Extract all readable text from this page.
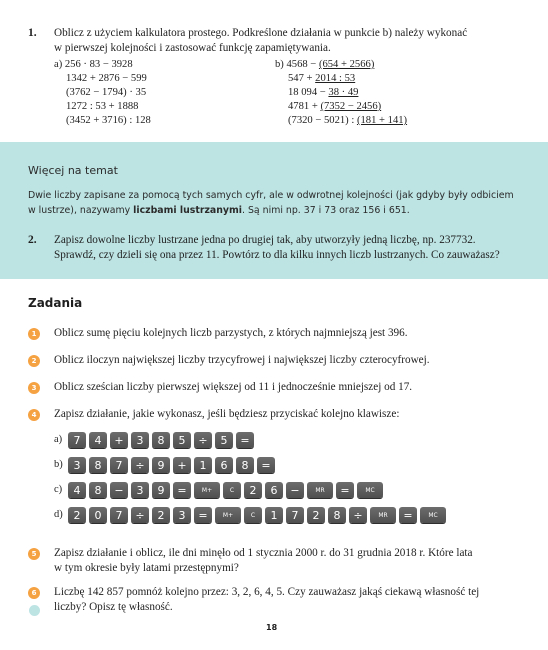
1. Oblicz z użyciem kalkulatora prostego. Podkreślone działania w punkcie b) należy wykonać
w pierwszej kolejności i zastosować funkcję zapamiętywania.
a) 256 · 83 − 3928
1342 + 2876 − 599
(3762 − 1794) · 35
1272 : 53 + 1888
(3452 + 3716) : 128
b) 4568 − (654 + 2566)
547 + 2014 : 53
18 094 − 38 · 49
4781 + (7352 − 2456)
(7320 − 5021) : (181 + 141)
Więcej na temat
Dwie liczby zapisane za pomocą tych samych cyfr, ale w odwrotnej kolejności (jak gdyby były odbiciem
w lustrze), nazywamy liczbami lustrzanymi. Są nimi np. 37 i 73 oraz 156 i 651.
2. Zapisz dowolne liczby lustrzane jedna po drugiej tak, aby utworzyły jedną liczbę, np. 237732.
Sprawdź, czy dzieli się ona przez 11. Powtórz to dla kilku innych liczb lustrzanych. Co zauważasz?
Zadania
1	Oblicz sumę pięciu kolejnych liczb parzystych, z których najmniejszą jest 396.
2	Oblicz iloczyn największej liczby trzycyfrowej i największej liczby czterocyfrowej.
3	Oblicz sześcian liczby pierwszej większej od 11 i jednocześnie mniejszej od 17.
4	Zapisz działanie, jakie wykonasz, jeśli będziesz przyciskać kolejno klawisze:
a)	7	4	+	3	8	5	÷	5	=
b) 3	8	7	÷	9	+	1	6	8	=
c)	4	8	−	3	9	=	M+	C	2	6	−	MR	=	MC
d) 2	0	7	÷	2	3	=	M+	C	1	7	2	8	÷	MR	=	MC
5	Zapisz działanie i oblicz, ile dni minęło od 1 stycznia 2000 r. do 31 grudnia 2018 r. Które lata
w tym okresie były latami przestępnymi?
6	Liczbę 142 857 pomnóż kolejno przez: 3, 2, 6, 4, 5. Czy zauważasz jakąś ciekawą własność tej
liczby? Opisz tę własność.
18
